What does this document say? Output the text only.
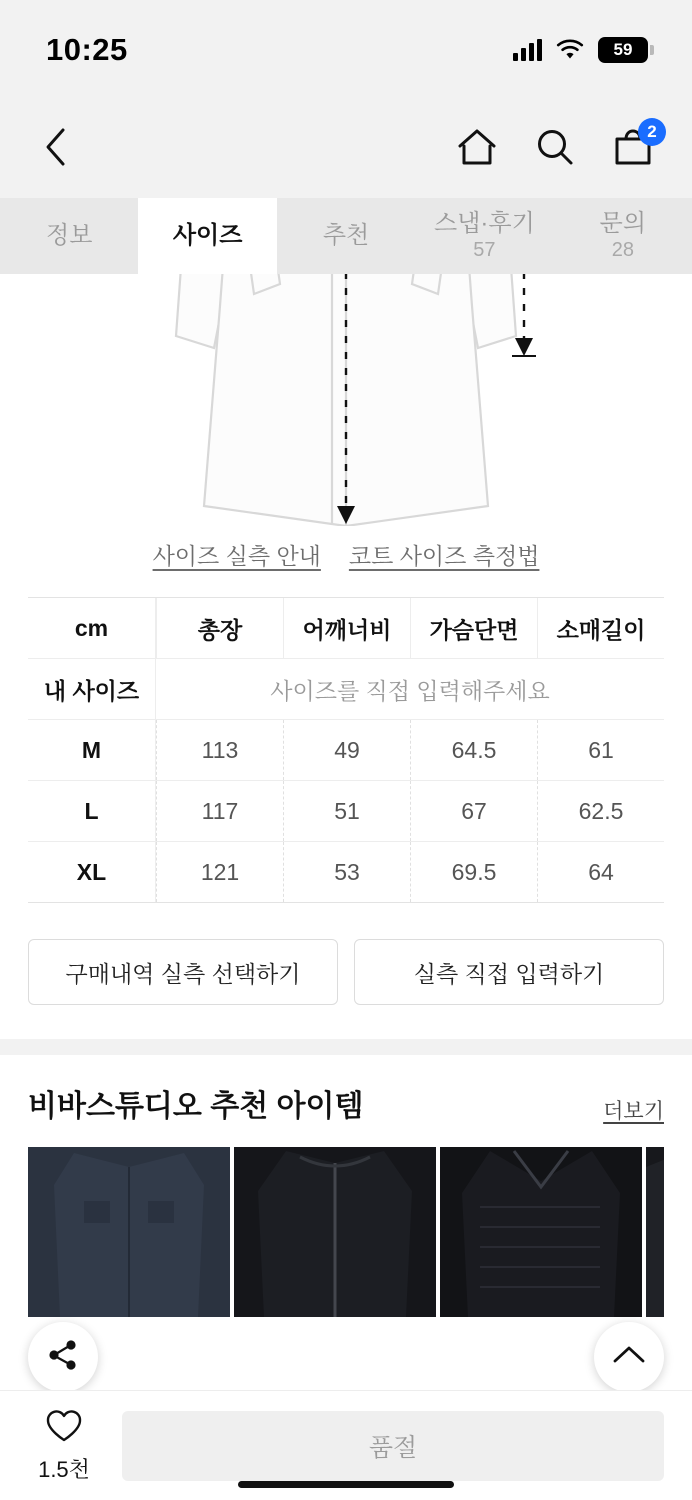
10:25	59
2
정보	사이즈	추천	스냅·후기
57
문의
28
사이즈 실측 안내 코트 사이즈 측정법
cm	총장	어깨너비	가슴단면	소매길이
내 사이즈	사이즈를 직접 입력해주세요
M	113	49	64.5	61
L	117	51	67	62.5
XL	121	53	69.5	64
구매내역 실측 선택하기	실측 직접 입력하기
비바스튜디오 추천 아이템	더보기
1.5천
품절
